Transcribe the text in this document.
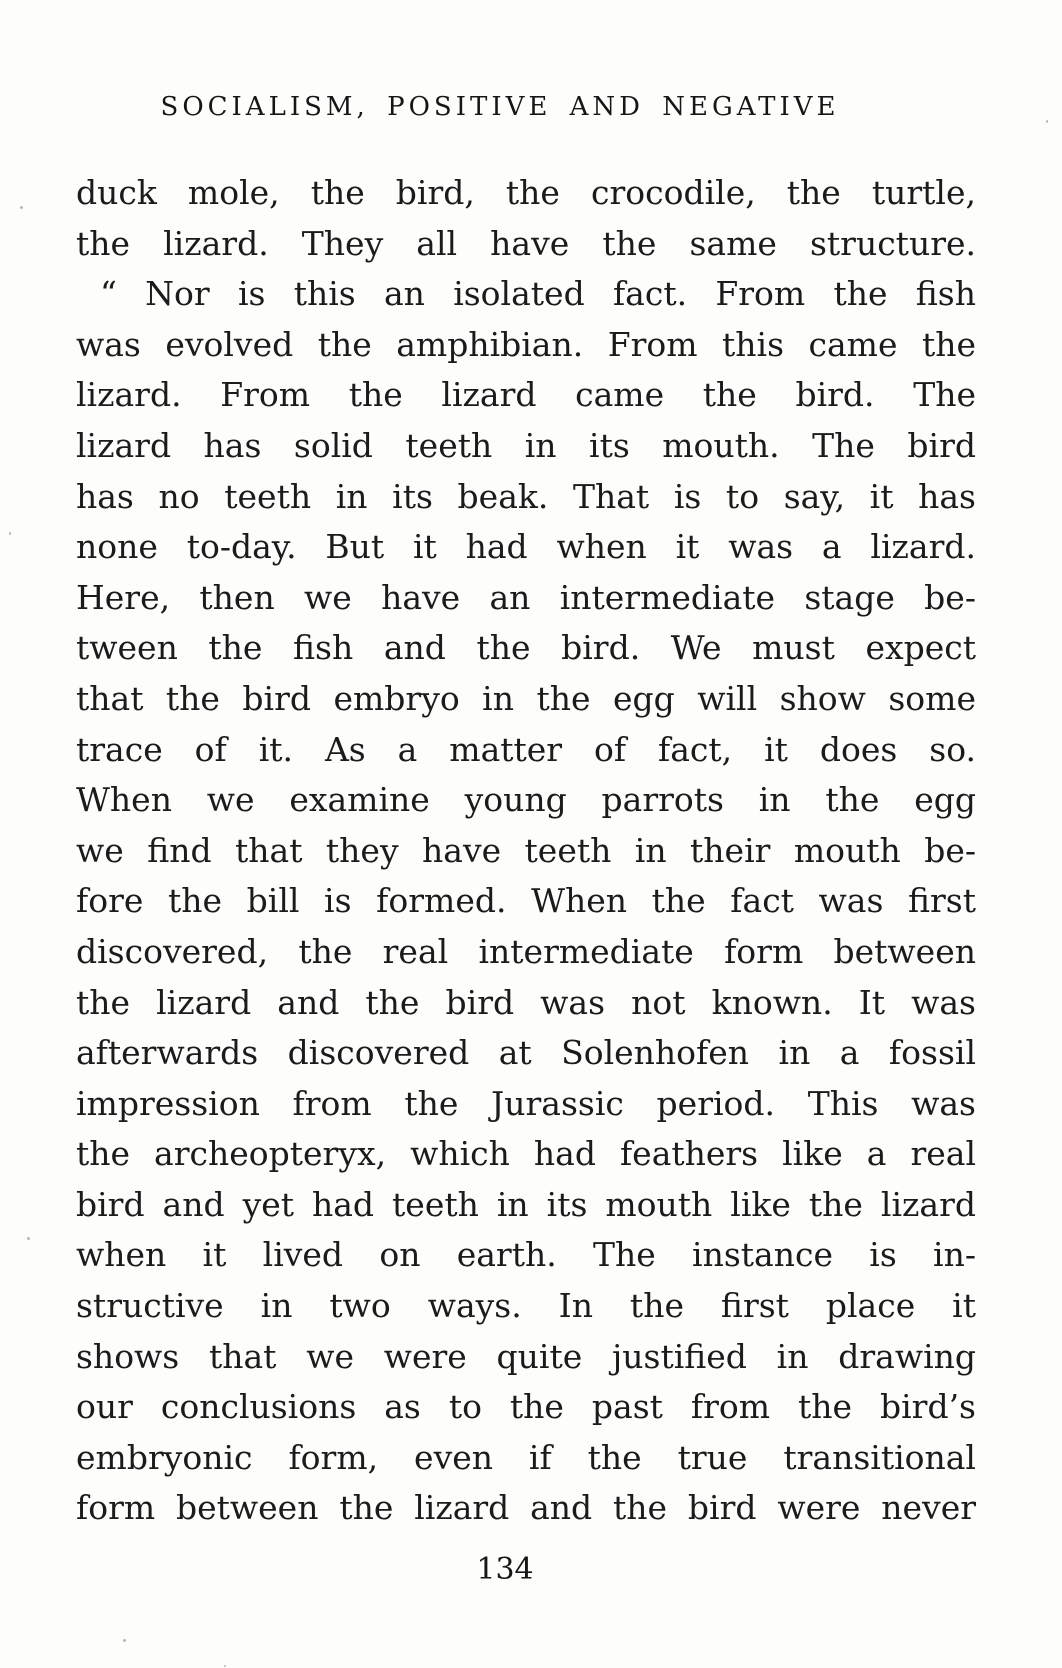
SOCIALISM, POSITIVE AND NEGATIVE
duck mole, the bird, the crocodile, the turtle,
the lizard. They all have the same structure.
“ Nor is this an isolated fact. From the fish
was evolved the amphibian. From this came the
lizard. From the lizard came the bird. The
lizard has solid teeth in its mouth. The bird
has no teeth in its beak. That is to say, it has
none to-day. But it had when it was a lizard.
Here, then we have an intermediate stage be-
tween the fish and the bird. We must expect
that the bird embryo in the egg will show some
trace of it. As a matter of fact, it does so.
When we examine young parrots in the egg
we find that they have teeth in their mouth be-
fore the bill is formed. When the fact was first
discovered, the real intermediate form between
the lizard and the bird was not known. It was
afterwards discovered at Solenhofen in a fossil
impression from the Jurassic period. This was
the archeopteryx, which had feathers like a real
bird and yet had teeth in its mouth like the lizard
when it lived on earth. The instance is in-
structive in two ways. In the first place it
shows that we were quite justified in drawing
our conclusions as to the past from the bird’s
embryonic form, even if the true transitional
form between the lizard and the bird were never
134
